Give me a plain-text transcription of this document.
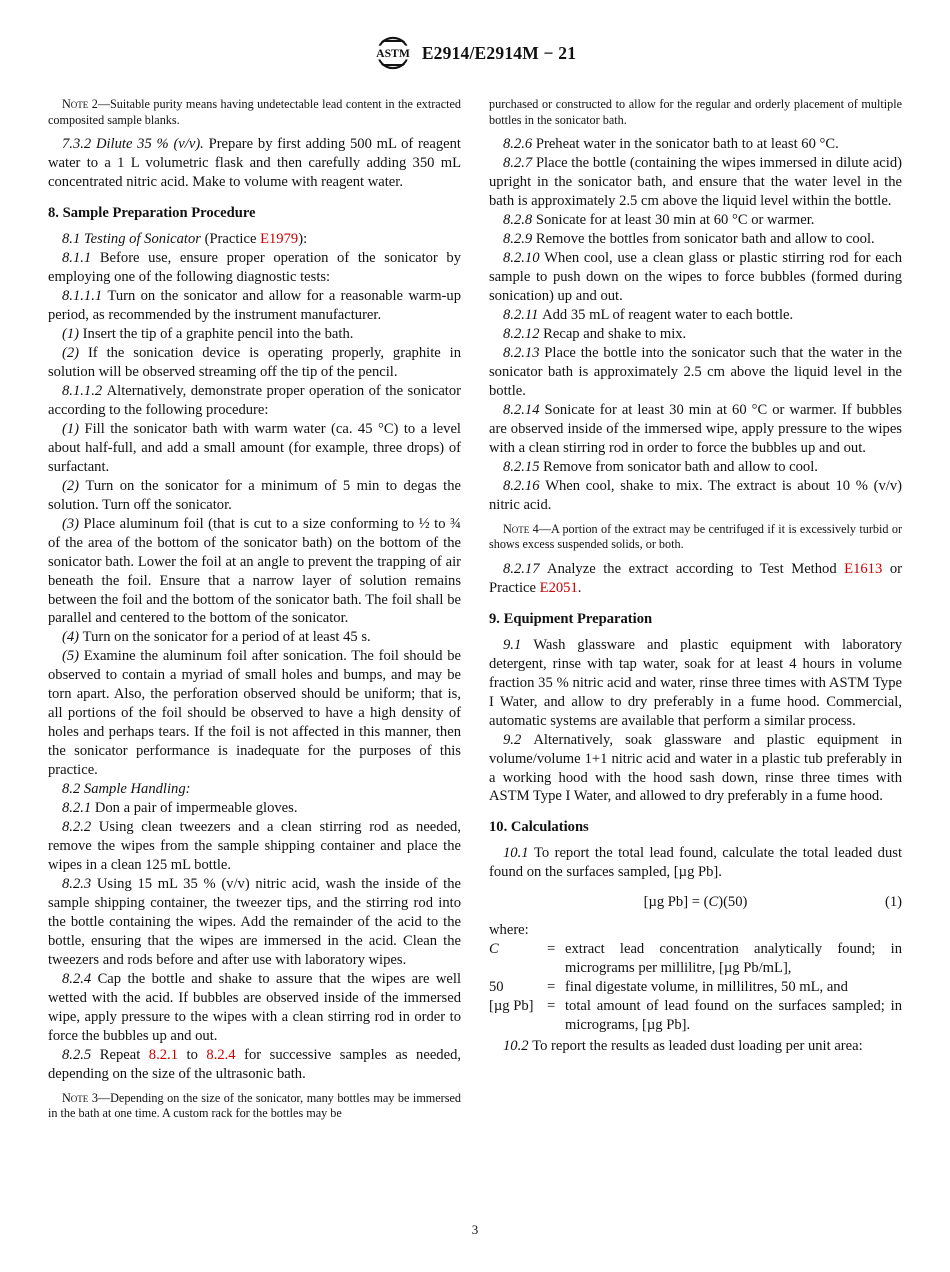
ASTM E2914/E2914M − 21

Note 2—Suitable purity means having undetectable lead content in the extracted composited sample blanks.

7.3.2 Dilute 35 % (v/v). Prepare by first adding 500 mL of reagent water to a 1 L volumetric flask and then carefully adding 350 mL concentrated nitric acid. Make to volume with reagent water.

8. Sample Preparation Procedure

8.1 Testing of Sonicator (Practice E1979):

8.1.1 Before use, ensure proper operation of the sonicator by employing one of the following diagnostic tests:

8.1.1.1 Turn on the sonicator and allow for a reasonable warm-up period, as recommended by the instrument manufacturer.

(1) Insert the tip of a graphite pencil into the bath.

(2) If the sonication device is operating properly, graphite in solution will be observed streaming off the tip of the pencil.

8.1.1.2 Alternatively, demonstrate proper operation of the sonicator according to the following procedure:

(1) Fill the sonicator bath with warm water (ca. 45 °C) to a level about half-full, and add a small amount (for example, three drops) of surfactant.

(2) Turn on the sonicator for a minimum of 5 min to degas the solution. Turn off the sonicator.

(3) Place aluminum foil (that is cut to a size conforming to ½ to ¾ of the area of the bottom of the sonicator bath) on the bottom of the sonicator bath. Lower the foil at an angle to prevent the trapping of air beneath the foil. Ensure that a narrow layer of solution remains between the foil and the bottom of the sonicator bath. The foil shall be parallel and centered to the bottom of the sonicator.

(4) Turn on the sonicator for a period of at least 45 s.

(5) Examine the aluminum foil after sonication. The foil should be observed to contain a myriad of small holes and bumps, and may be torn apart. Also, the perforation observed should be uniform; that is, all portions of the foil should be observed to have a high density of holes and perhaps tears. If the foil is not affected in this manner, then the sonicator performance is inadequate for the purposes of this practice.

8.2 Sample Handling:

8.2.1 Don a pair of impermeable gloves.

8.2.2 Using clean tweezers and a clean stirring rod as needed, remove the wipes from the sample shipping container and place the wipes in a clean 125 mL bottle.

8.2.3 Using 15 mL 35 % (v/v) nitric acid, wash the inside of the sample shipping container, the tweezer tips, and the stirring rod into the bottle containing the wipes. Add the remainder of the acid to the bottle, ensuring that the wipes are immersed in the acid. Clean the tweezers and rods before and after use with laboratory wipes.

8.2.4 Cap the bottle and shake to assure that the wipes are well wetted with the acid. If bubbles are observed inside of the immersed wipe, apply pressure to the wipes with a clean stirring rod in order to force the bubbles up and out.

8.2.5 Repeat 8.2.1 to 8.2.4 for successive samples as needed, depending on the size of the ultrasonic bath.

Note 3—Depending on the size of the sonicator, many bottles may be immersed in the bath at one time. A custom rack for the bottles may be

purchased or constructed to allow for the regular and orderly placement of multiple bottles in the sonicator bath.

8.2.6 Preheat water in the sonicator bath to at least 60 °C.

8.2.7 Place the bottle (containing the wipes immersed in dilute acid) upright in the sonicator bath, and ensure that the water level in the bath is approximately 2.5 cm above the liquid level within the bottle.

8.2.8 Sonicate for at least 30 min at 60 °C or warmer.

8.2.9 Remove the bottles from sonicator bath and allow to cool.

8.2.10 When cool, use a clean glass or plastic stirring rod for each sample to push down on the wipes to force bubbles (formed during sonication) up and out.

8.2.11 Add 35 mL of reagent water to each bottle.

8.2.12 Recap and shake to mix.

8.2.13 Place the bottle into the sonicator such that the water in the sonicator bath is approximately 2.5 cm above the liquid level in the bottle.

8.2.14 Sonicate for at least 30 min at 60 °C or warmer. If bubbles are observed inside of the immersed wipe, apply pressure to the wipes with a clean stirring rod in order to force the bubbles up and out.

8.2.15 Remove from sonicator bath and allow to cool.

8.2.16 When cool, shake to mix. The extract is about 10 % (v/v) nitric acid.

Note 4—A portion of the extract may be centrifuged if it is excessively turbid or shows excess suspended solids, or both.

8.2.17 Analyze the extract according to Test Method E1613 or Practice E2051.

9. Equipment Preparation

9.1 Wash glassware and plastic equipment with laboratory detergent, rinse with tap water, soak for at least 4 hours in volume fraction 35 % nitric acid and water, rinse three times with ASTM Type I Water, and allow to dry preferably in a fume hood. Commercial, automatic systems are available that perform a similar process.

9.2 Alternatively, soak glassware and plastic equipment in volume/volume 1+1 nitric acid and water in a plastic tub preferably in a working hood with the hood sash down, rinse three times with ASTM Type I Water, and allowed to dry preferably in a fume hood.

10. Calculations

10.1 To report the total lead found, calculate the total leaded dust found on the surfaces sampled, [µg Pb].

[µg Pb] = (C)(50)	(1)

where:

C	= extract lead concentration analytically found; in micrograms per millilitre, [µg Pb/mL],
50	= final digestate volume, in millilitres, 50 mL, and
[µg Pb] = total amount of lead found on the surfaces sampled; in micrograms, [µg Pb].

10.2 To report the results as leaded dust loading per unit area:

3
